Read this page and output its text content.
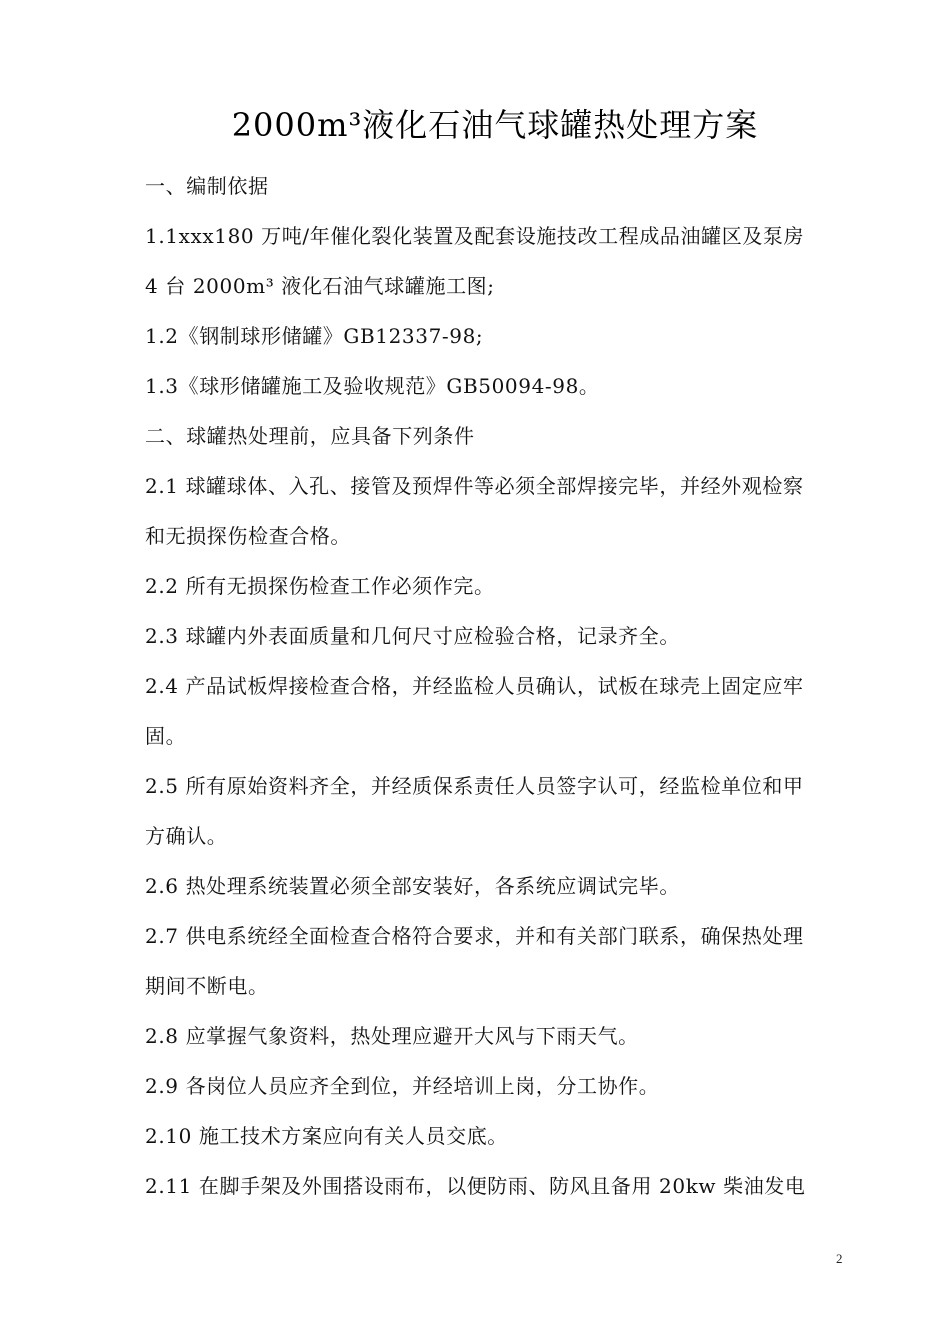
2000m³液化石油气球罐热处理方案
一、编制依据
1.1xxx180 万吨/年催化裂化装置及配套设施技改工程成品油罐区及泵房
4 台 2000m³ 液化石油气球罐施工图;
1.2《钢制球形储罐》GB12337-98;
1.3《球形储罐施工及验收规范》GB50094-98。
二、球罐热处理前，应具备下列条件
2.1 球罐球体、入孔、接管及预焊件等必须全部焊接完毕，并经外观检察
和无损探伤检查合格。
2.2 所有无损探伤检查工作必须作完。
2.3 球罐内外表面质量和几何尺寸应检验合格，记录齐全。
2.4 产品试板焊接检查合格，并经监检人员确认，试板在球壳上固定应牢
固。
2.5 所有原始资料齐全，并经质保系责任人员签字认可，经监检单位和甲
方确认。
2.6 热处理系统装置必须全部安装好，各系统应调试完毕。
2.7 供电系统经全面检查合格符合要求，并和有关部门联系，确保热处理
期间不断电。
2.8 应掌握气象资料，热处理应避开大风与下雨天气。
2.9 各岗位人员应齐全到位，并经培训上岗，分工协作。
2.10 施工技术方案应向有关人员交底。
2.11 在脚手架及外围搭设雨布，以便防雨、防风且备用 20kw 柴油发电
2
